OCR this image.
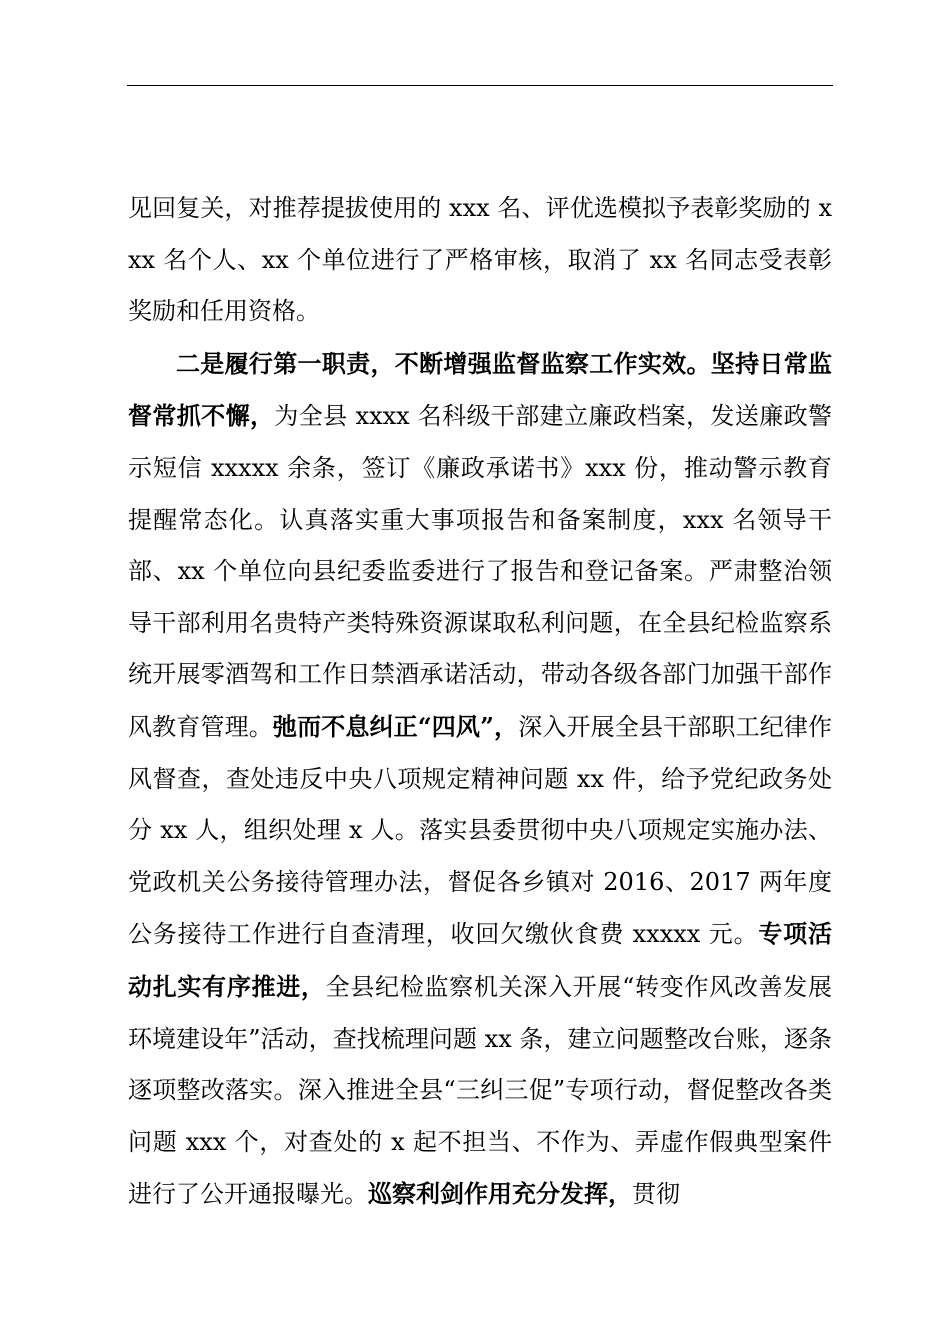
见回复关，对推荐提拔使用的 xxx 名、评优选模拟予表彰奖励的 xxx 名个人、xx 个单位进行了严格审核，取消了 xx 名同志受表彰奖励和任用资格。

二是履行第一职责，不断增强监督监察工作实效。坚持日常监督常抓不懈，为全县 xxxx 名科级干部建立廉政档案，发送廉政警示短信 xxxxx 余条，签订《廉政承诺书》xxx 份，推动警示教育提醒常态化。认真落实重大事项报告和备案制度，xxx 名领导干部、xx 个单位向县纪委监委进行了报告和登记备案。严肃整治领导干部利用名贵特产类特殊资源谋取私利问题，在全县纪检监察系统开展零酒驾和工作日禁酒承诺活动，带动各级各部门加强干部作风教育管理。弛而不息纠正“四风”，深入开展全县干部职工纪律作风督查，查处违反中央八项规定精神问题 xx 件，给予党纪政务处分 xx 人，组织处理 x 人。落实县委贯彻中央八项规定实施办法、党政机关公务接待管理办法，督促各乡镇对 2016、2017 两年度公务接待工作进行自查清理，收回欠缴伙食费 xxxxx 元。专项活动扎实有序推进，全县纪检监察机关深入开展“转变作风改善发展环境建设年”活动，查找梳理问题 xx 条，建立问题整改台账，逐条逐项整改落实。深入推进全县“三纠三促”专项行动，督促整改各类问题 xxx 个，对查处的 x 起不担当、不作为、弄虚作假典型案件进行了公开通报曝光。巡察利剑作用充分发挥，贯彻
